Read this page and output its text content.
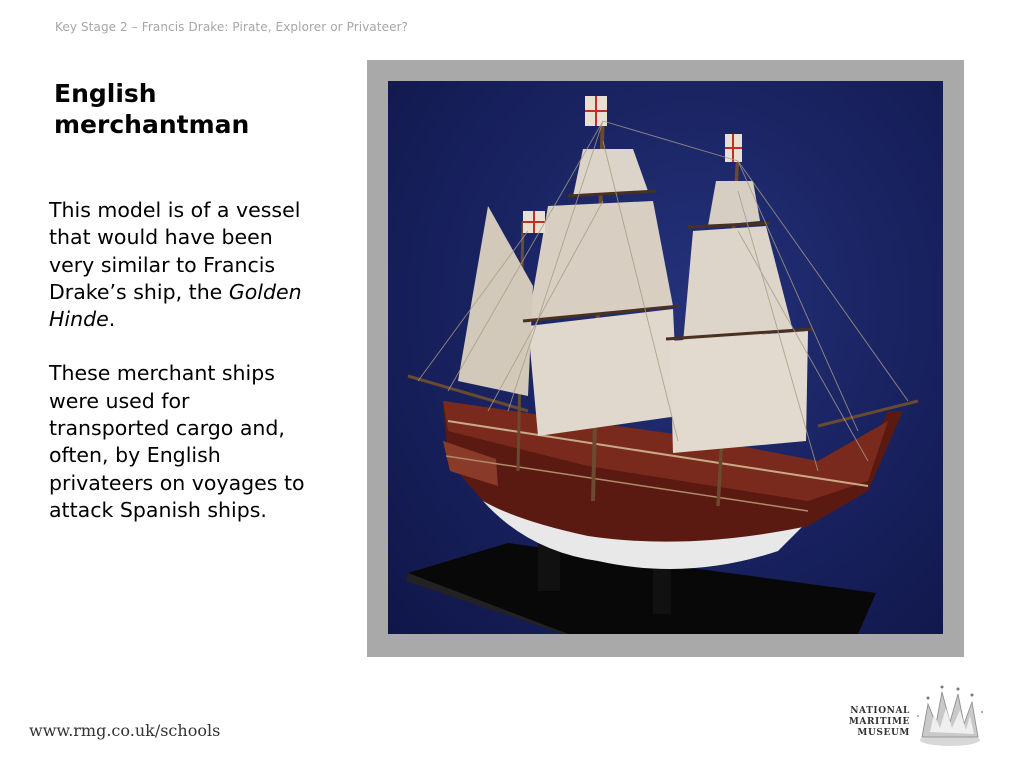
Key Stage 2 – Francis Drake: Pirate, Explorer or Privateer?
English
merchantman

This model is of a vessel that would have been very similar to Francis Drake’s ship, the Golden Hinde.

These merchant ships were used for transported cargo and, often, by English privateers on voyages to attack Spanish ships.

www.rmg.co.uk/schools
NATIONAL
MARITIME
MUSEUM
